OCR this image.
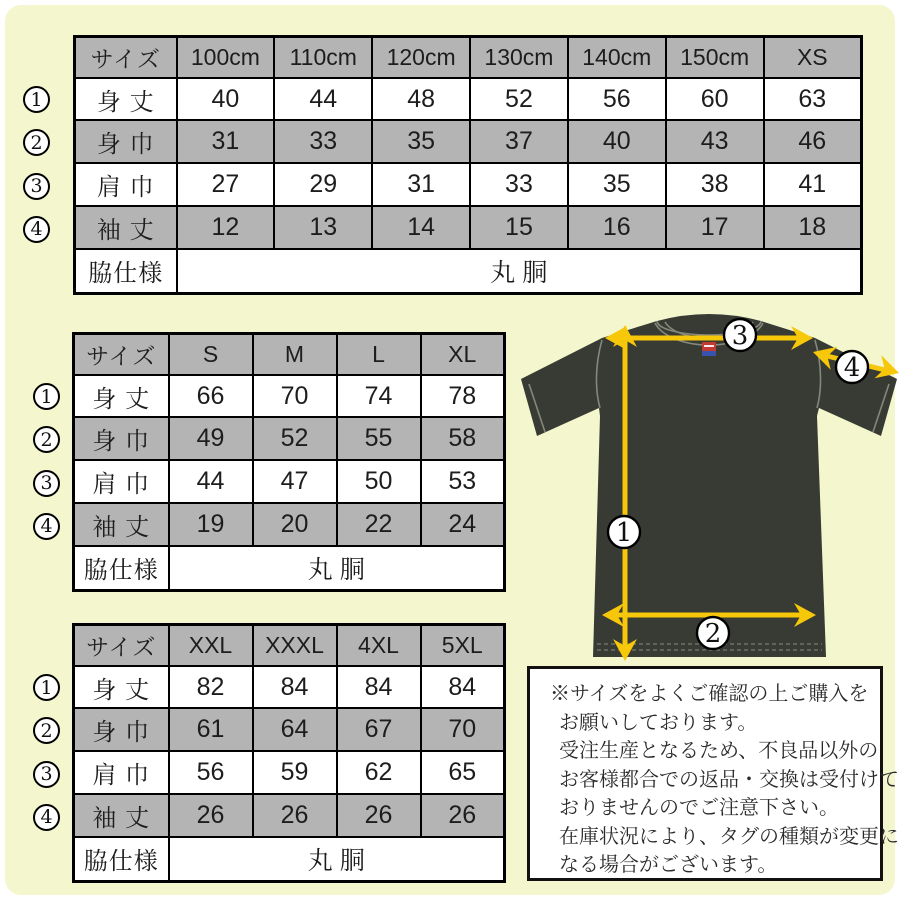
1
2
3
4
1
2
3
4
1
2
3
4
サイズ	100cm	110cm	120cm	130cm	140cm	150cm	XS
身 丈	40	44	48	52	56	60	63
身 巾	31	33	35	37	40	43	46
肩 巾	27	29	31	33	35	38	41
袖 丈	12	13	14	15	16	17	18
脇仕様	丸 胴						
サイズ	S	M	L	XL
身 丈	66	70	74	78
身 巾	49	52	55	58
肩 巾	44	47	50	53
袖 丈	19	20	22	24
脇仕様	丸 胴			
サイズ	XXL	XXXL	4XL	5XL
身 丈	82	84	84	84
身 巾	61	64	67	70
肩 巾	56	59	62	65
袖 丈	26	26	26	26
脇仕様	丸 胴			
1
2
3
4
※サイズをよくご確認の上ご購入を
お願いしております。
受注生産となるため、不良品以外の
お客様都合での返品・交換は受付けて
おりませんのでご注意下さい。
在庫状況により、タグの種類が変更に
なる場合がございます。
